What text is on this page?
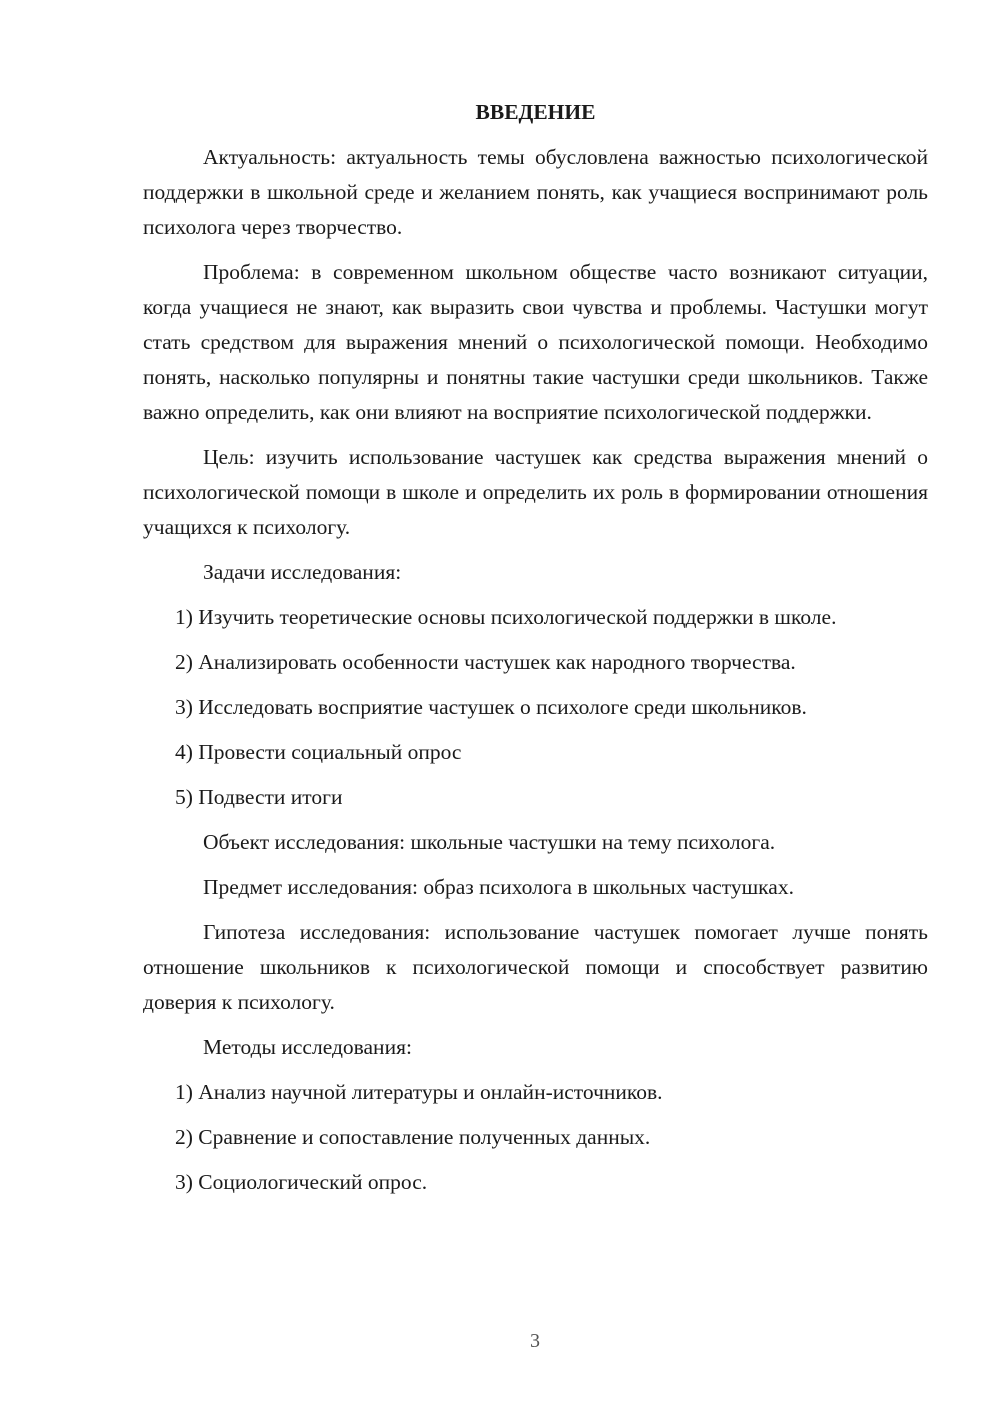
ВВЕДЕНИЕ

Актуальность: актуальность темы обусловлена важностью психологической поддержки в школьной среде и желанием понять, как учащиеся воспринимают роль психолога через творчество.

Проблема: в современном школьном обществе часто возникают ситуации, когда учащиеся не знают, как выразить свои чувства и проблемы. Частушки могут стать средством для выражения мнений о психологической помощи. Необходимо понять, насколько популярны и понятны такие частушки среди школьников. Также важно определить, как они влияют на восприятие психологической поддержки.

Цель: изучить использование частушек как средства выражения мнений о психологической помощи в школе и определить их роль в формировании отношения учащихся к психологу.

Задачи исследования:

1) Изучить теоретические основы психологической поддержки в школе.

2) Анализировать особенности частушек как народного творчества.

3) Исследовать восприятие частушек о психологе среди школьников.

4) Провести социальный опрос

5) Подвести итоги

Объект исследования: школьные частушки на тему психолога.

Предмет исследования: образ психолога в школьных частушках.

Гипотеза исследования: использование частушек помогает лучше понять отношение школьников к психологической помощи и способствует развитию доверия к психологу.

Методы исследования:

1) Анализ научной литературы и онлайн-источников.

2) Сравнение и сопоставление полученных данных.

3) Социологический опрос.

3
